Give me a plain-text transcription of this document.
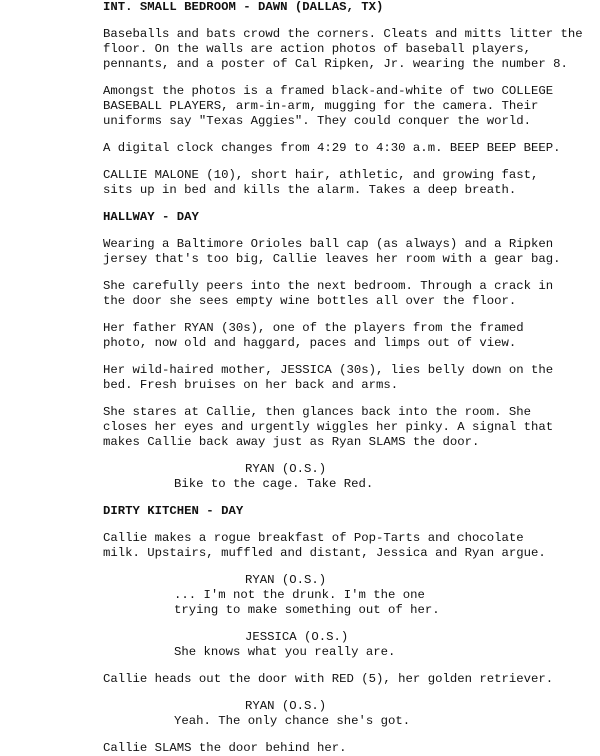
INT. SMALL BEDROOM - DAWN (DALLAS, TX)
Baseballs and bats crowd the corners. Cleats and mitts litter the
floor. On the walls are action photos of baseball players,
pennants, and a poster of Cal Ripken, Jr. wearing the number 8.
Amongst the photos is a framed black-and-white of two COLLEGE
BASEBALL PLAYERS, arm-in-arm, mugging for the camera. Their
uniforms say "Texas Aggies". They could conquer the world.
A digital clock changes from 4:29 to 4:30 a.m. BEEP BEEP BEEP.
CALLIE MALONE (10), short hair, athletic, and growing fast,
sits up in bed and kills the alarm. Takes a deep breath.
HALLWAY - DAY
Wearing a Baltimore Orioles ball cap (as always) and a Ripken
jersey that's too big, Callie leaves her room with a gear bag.
She carefully peers into the next bedroom. Through a crack in
the door she sees empty wine bottles all over the floor.
Her father RYAN (30s), one of the players from the framed
photo, now old and haggard, paces and limps out of view.
Her wild-haired mother, JESSICA (30s), lies belly down on the
bed. Fresh bruises on her back and arms.
She stares at Callie, then glances back into the room. She
closes her eyes and urgently wiggles her pinky. A signal that
makes Callie back away just as Ryan SLAMS the door.
RYAN (O.S.)
Bike to the cage. Take Red.
DIRTY KITCHEN - DAY
Callie makes a rogue breakfast of Pop-Tarts and chocolate
milk. Upstairs, muffled and distant, Jessica and Ryan argue.
RYAN (O.S.)
... I'm not the drunk. I'm the one
trying to make something out of her.
JESSICA (O.S.)
She knows what you really are.
Callie heads out the door with RED (5), her golden retriever.
RYAN (O.S.)
Yeah. The only chance she's got.
Callie SLAMS the door behind her.
